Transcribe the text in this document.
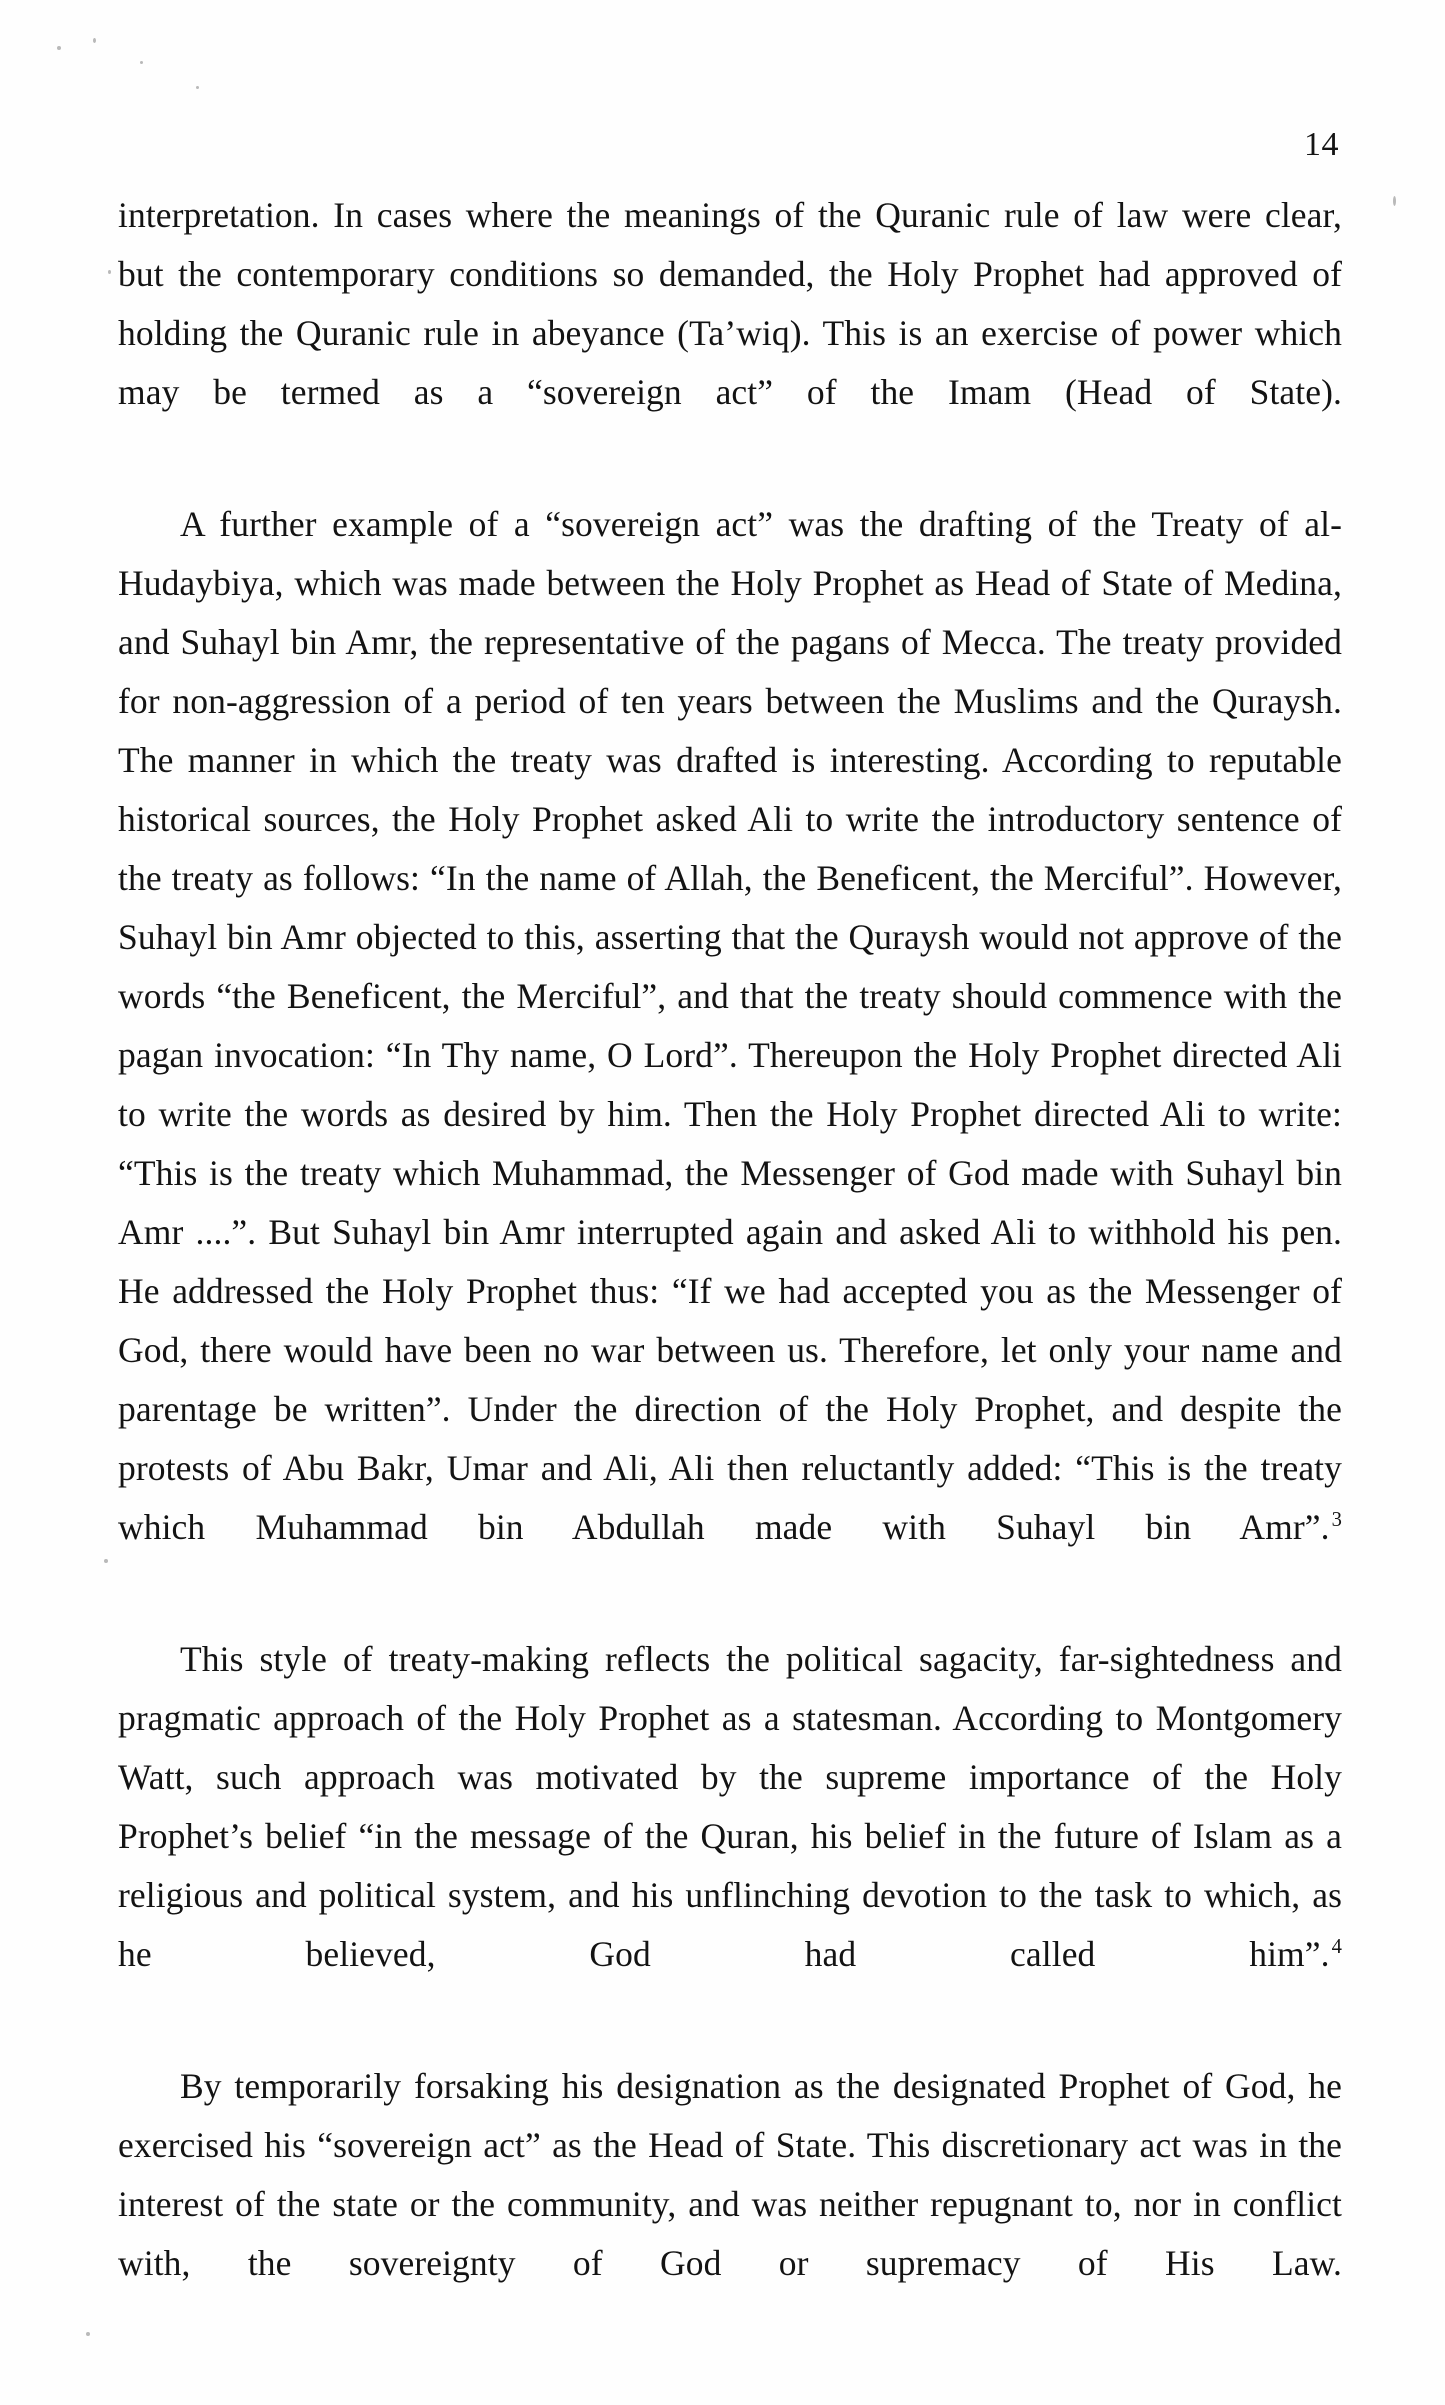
14

interpretation. In cases where the meanings of the Quranic rule of law were clear, but the contemporary conditions so demanded, the Holy Prophet had approved of holding the Quranic rule in abeyance (Ta’wiq). This is an exercise of power which may be termed as a “sovereign act” of the Imam (Head of State).

A further example of a “sovereign act” was the drafting of the Treaty of al-Hudaybiya, which was made between the Holy Prophet as Head of State of Medina, and Suhayl bin Amr, the representative of the pagans of Mecca. The treaty provided for non-aggression of a period of ten years between the Muslims and the Quraysh. The manner in which the treaty was drafted is interesting. According to reputable historical sources, the Holy Prophet asked Ali to write the introductory sentence of the treaty as follows: “In the name of Allah, the Beneficent, the Merciful”. However, Suhayl bin Amr objected to this, asserting that the Quraysh would not approve of the words “the Beneficent, the Merciful”, and that the treaty should commence with the pagan invocation: “In Thy name, O Lord”. Thereupon the Holy Prophet directed Ali to write the words as desired by him. Then the Holy Prophet directed Ali to write: “This is the treaty which Muhammad, the Messenger of God made with Suhayl bin Amr ....”. But Suhayl bin Amr interrupted again and asked Ali to withhold his pen. He addressed the Holy Prophet thus: “If we had accepted you as the Messenger of God, there would have been no war between us. Therefore, let only your name and parentage be written”. Under the direction of the Holy Prophet, and despite the protests of Abu Bakr, Umar and Ali, Ali then reluctantly added: “This is the treaty which Muhammad bin Abdullah made with Suhayl bin Amr”.$^3$

This style of treaty-making reflects the political sagacity, far-sightedness and pragmatic approach of the Holy Prophet as a statesman. According to Montgomery Watt, such approach was motivated by the supreme importance of the Holy Prophet’s belief “in the message of the Quran, his belief in the future of Islam as a religious and political system, and his unflinching devotion to the task to which, as he believed, God had called him”.$^4$

By temporarily forsaking his designation as the designated Prophet of God, he exercised his “sovereign act” as the Head of State. This discretionary act was in the interest of the state or the community, and was neither repugnant to, nor in conflict with, the sovereignty of God or supremacy of His Law.
